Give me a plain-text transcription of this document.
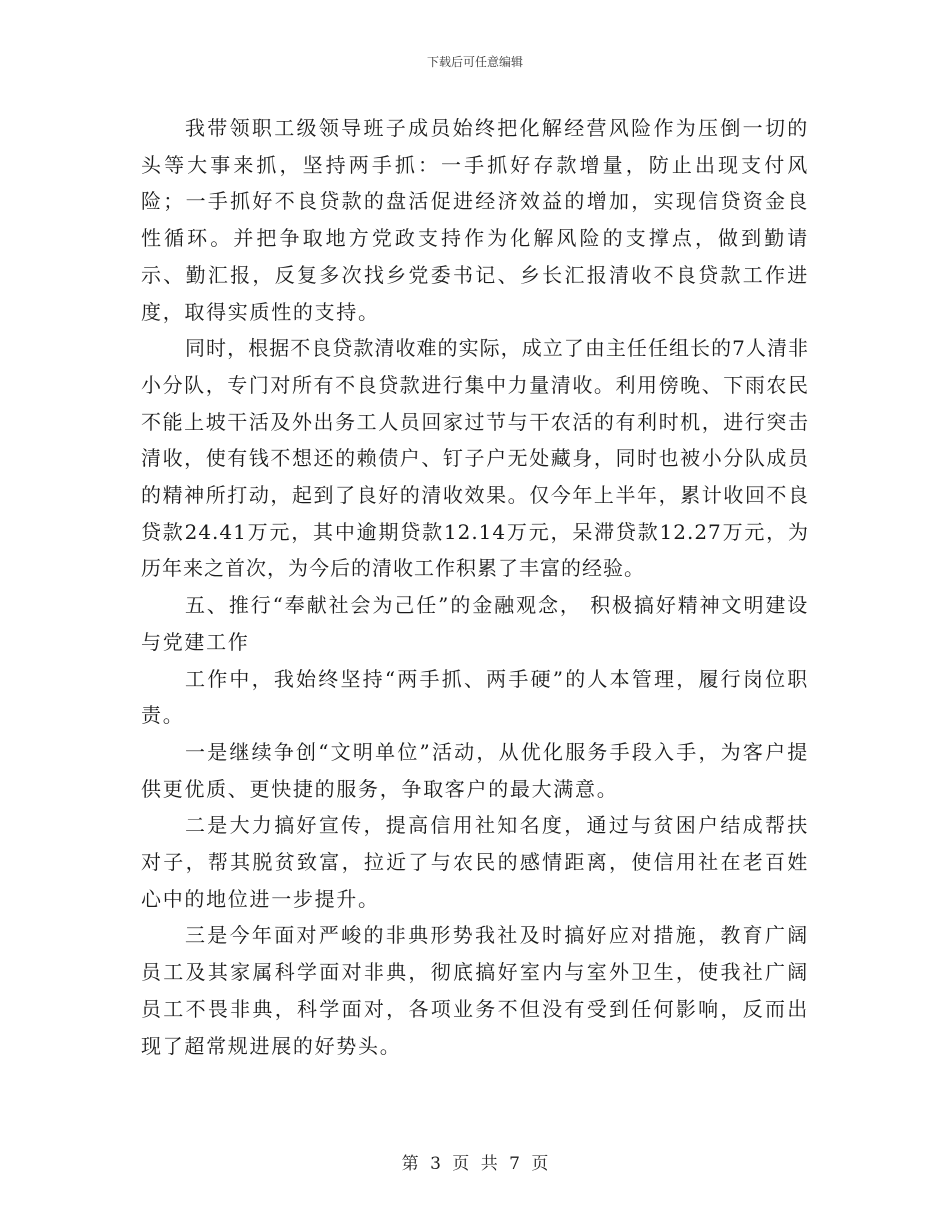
下载后可任意编辑

我带领职工级领导班子成员始终把化解经营风险作为压倒一切的头等大事来抓，坚持两手抓：一手抓好存款增量，防止出现支付风险；一手抓好不良贷款的盘活促进经济效益的增加，实现信贷资金良性循环。并把争取地方党政支持作为化解风险的支撑点，做到勤请示、勤汇报，反复多次找乡党委书记、乡长汇报清收不良贷款工作进度，取得实质性的支持。

同时，根据不良贷款清收难的实际，成立了由主任任组长的7人清非小分队，专门对所有不良贷款进行集中力量清收。利用傍晚、下雨农民不能上坡干活及外出务工人员回家过节与干农活的有利时机，进行突击清收，使有钱不想还的赖债户、钉子户无处藏身，同时也被小分队成员的精神所打动，起到了良好的清收效果。仅今年上半年，累计收回不良贷款24.41万元，其中逾期贷款12.14万元，呆滞贷款12.27万元，为历年来之首次，为今后的清收工作积累了丰富的经验。

五、推行“奉献社会为己任”的金融观念， 积极搞好精神文明建设与党建工作

工作中，我始终坚持“两手抓、两手硬”的人本管理，履行岗位职责。

一是继续争创“文明单位”活动，从优化服务手段入手，为客户提供更优质、更快捷的服务，争取客户的最大满意。

二是大力搞好宣传，提高信用社知名度，通过与贫困户结成帮扶对子，帮其脱贫致富，拉近了与农民的感情距离，使信用社在老百姓心中的地位进一步提升。

三是今年面对严峻的非典形势我社及时搞好应对措施，教育广阔员工及其家属科学面对非典，彻底搞好室内与室外卫生，使我社广阔员工不畏非典，科学面对，各项业务不但没有受到任何影响，反而出现了超常规进展的好势头。

第 3 页 共 7 页
